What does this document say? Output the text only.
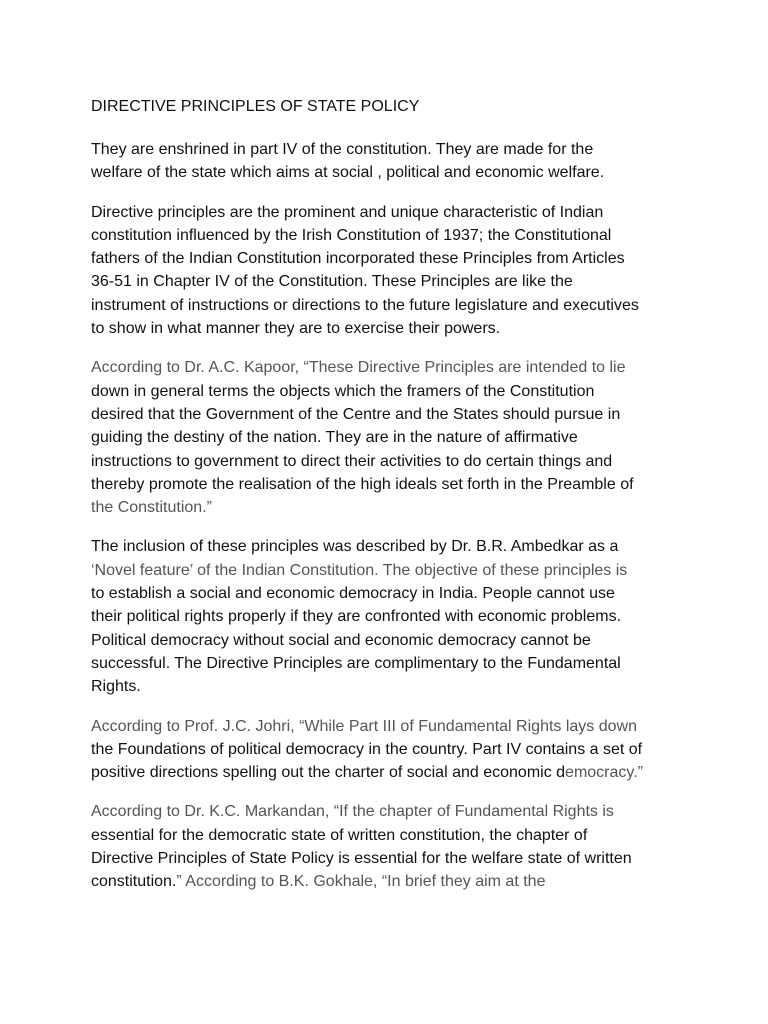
DIRECTIVE PRINCIPLES OF STATE POLICY

They are enshrined in part IV of the constitution. They are made for the
welfare of the state which aims at social , political and economic welfare.

Directive principles are the prominent and unique characteristic of Indian
constitution influenced by the Irish Constitution of 1937; the Constitutional
fathers of the Indian Constitution incorporated these Principles from Articles
36-51 in Chapter IV of the Constitution. These Principles are like the
instrument of instructions or directions to the future legislature and executives
to show in what manner they are to exercise their powers.

According to Dr. A.C. Kapoor, “These Directive Principles are intended to lie
down in general terms the objects which the framers of the Constitution
desired that the Government of the Centre and the States should pursue in
guiding the destiny of the nation. They are in the nature of affirmative
instructions to government to direct their activities to do certain things and
thereby promote the realisation of the high ideals set forth in the Preamble of
the Constitution.”

The inclusion of these principles was described by Dr. B.R. Ambedkar as a
‘Novel feature’ of the Indian Constitution. The objective of these principles is
to establish a social and economic democracy in India. People cannot use
their political rights properly if they are confronted with economic problems.
Political democracy without social and economic democracy cannot be
successful. The Directive Principles are complimentary to the Fundamental
Rights.

According to Prof. J.C. Johri, “While Part III of Fundamental Rights lays down
the Foundations of political democracy in the country. Part IV contains a set of
positive directions spelling out the charter of social and economic democracy.”

According to Dr. K.C. Markandan, “If the chapter of Fundamental Rights is
essential for the democratic state of written constitution, the chapter of
Directive Principles of State Policy is essential for the welfare state of written
constitution.” According to B.K. Gokhale, “In brief they aim at the
